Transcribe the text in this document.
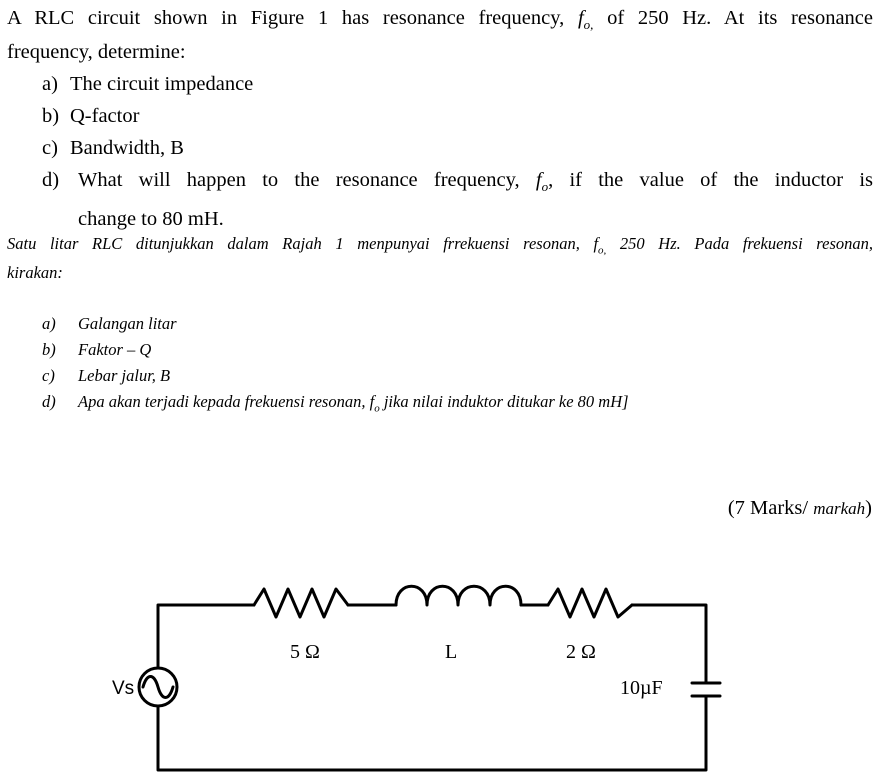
A RLC circuit shown in Figure 1 has resonance frequency, $f_{o,}$ of 250 Hz. At its resonance
frequency, determine:
a) The circuit impedance
b) Q-factor
c) Bandwidth, B
d) What will happen to the resonance frequency, $f_o$, if the value of the inductor is
change to 80 mH.
Satu litar RLC ditunjukkan dalam Rajah 1 menpunyai frrekuensi resonan, $f_{o,}$ 250 Hz. Pada frekuensi resonan,
kirakan:
a) Galangan litar
b) Faktor – Q
c) Lebar jalur, B
d) Apa akan terjadi kepada frekuensi resonan, $f_o$ jika nilai induktor ditukar ke 80 mH]
(7 Marks/ markah)
Vs
5 Ω	L	2 Ω
10µF
